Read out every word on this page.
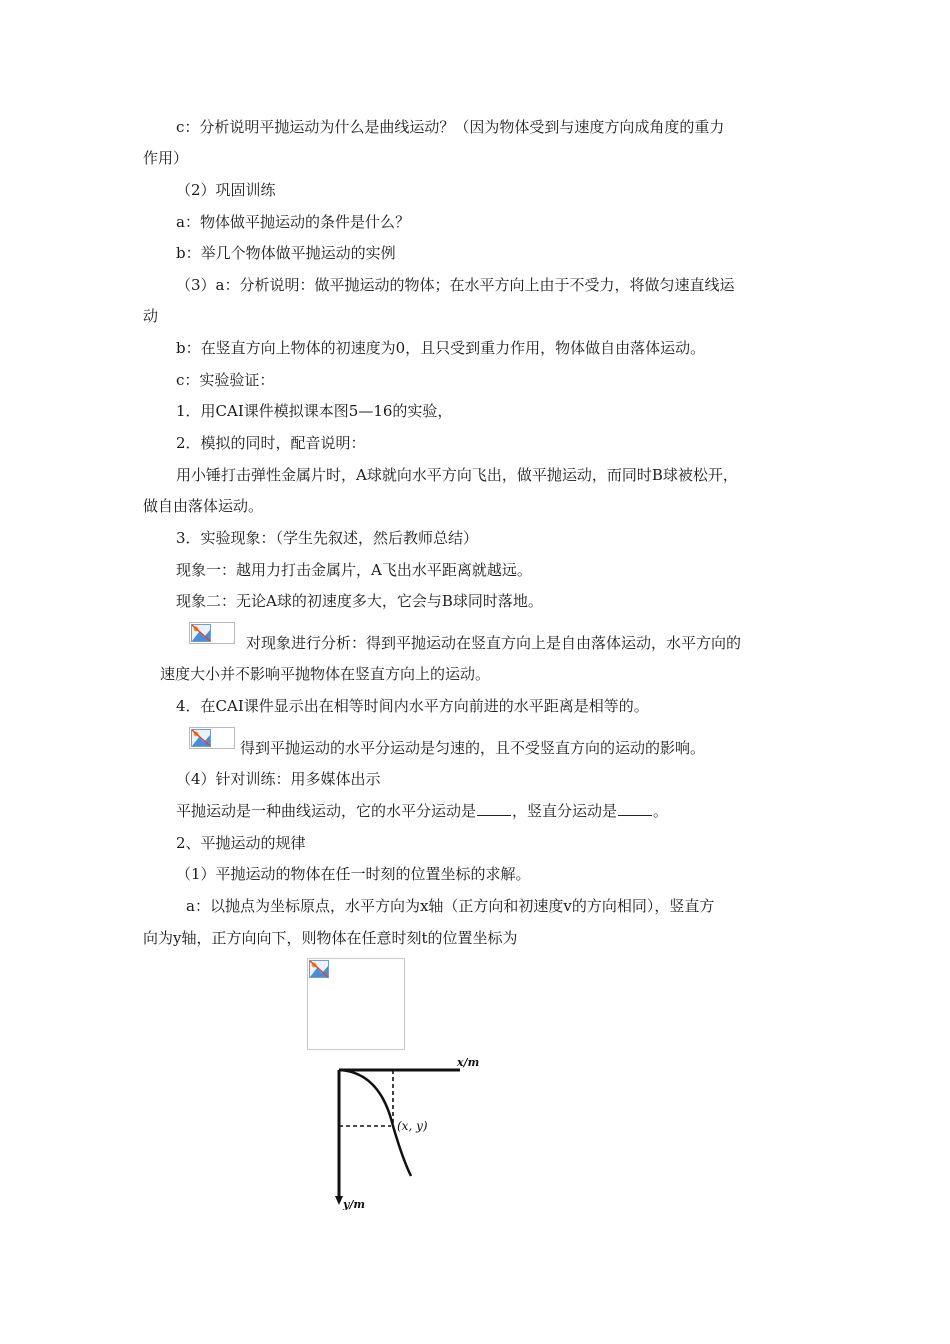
c：分析说明平抛运动为什么是曲线运动？（因为物体受到与速度方向成角度的重力
作用）
（2）巩固训练
a：物体做平抛运动的条件是什么？
b：举几个物体做平抛运动的实例
（3）a：分析说明：做平抛运动的物体；在水平方向上由于不受力，将做匀速直线运
动
b：在竖直方向上物体的初速度为0，且只受到重力作用，物体做自由落体运动。
c：实验验证：
1．用CAI课件模拟课本图5—16的实验，
2．模拟的同时，配音说明：
用小锤打击弹性金属片时，A球就向水平方向飞出，做平抛运动，而同时B球被松开，
做自由落体运动。
3．实验现象：（学生先叙述，然后教师总结）
现象一：越用力打击金属片，A飞出水平距离就越远。
现象二：无论A球的初速度多大，它会与B球同时落地。
对现象进行分析：得到平抛运动在竖直方向上是自由落体运动，水平方向的
速度大小并不影响平抛物体在竖直方向上的运动。
4．在CAI课件显示出在相等时间内水平方向前进的水平距离是相等的。
得到平抛运动的水平分运动是匀速的，且不受竖直方向的运动的影响。
（4）针对训练：用多媒体出示
平抛运动是一种曲线运动，它的水平分运动是 ，竖直分运动是 。
2、平抛运动的规律
（1）平抛运动的物体在任一时刻的位置坐标的求解。
a：以抛点为坐标原点，水平方向为x轴（正方向和初速度v的方向相同），竖直方
向为y轴，正方向向下，则物体在任意时刻t的位置坐标为
x/m
y/m
(x, y)
